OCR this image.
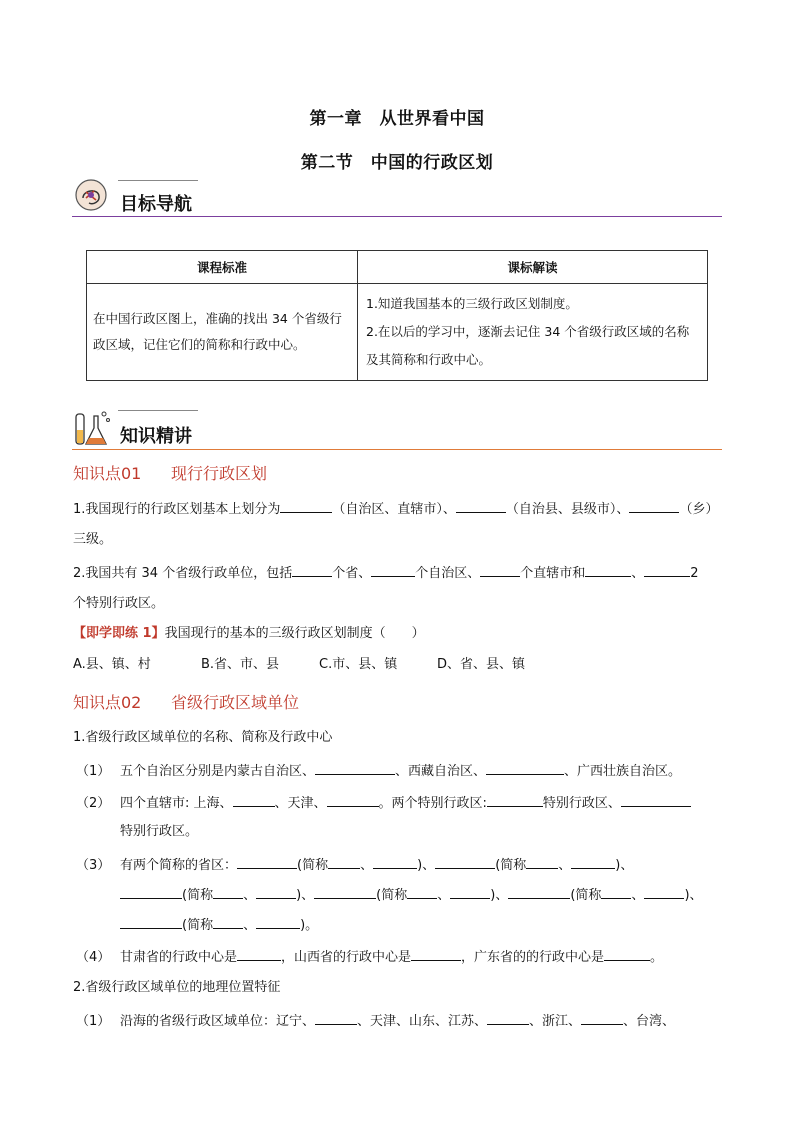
第一章　从世界看中国
第二节　中国的行政区划
目标导航
课程标准	课标解读
在中国行政区图上，准确的找出 34 个省级行政区域，记住它们的简称和行政中心。	1.知道我国基本的三级行政区划制度。
2.在以后的学习中，逐渐去记住 34 个省级行政区域的名称及其简称和行政中心。
知识精讲
知识点01 现行行政区划
1.我国现行的行政区划基本上划分为	（自治区、直辖市）、	（自治县、县级市）、	（乡）
三级。
2.我国共有 34 个省级行政单位，包括	个省、	个自治区、	个直辖市和	、	2
个特别行政区。
【即学即练 1】我国现行的基本的三级行政区划制度（　　）
A.县、镇、村	B.省、市、县	C.市、县、镇	D、省、县、镇
知识点02 省级行政区域单位
1.省级行政区域单位的名称、简称及行政中心
（1） 五个自治区分别是内蒙古自治区、	、西藏自治区、	、广西壮族自治区。
（2） 四个直辖市: 上海、	、天津、	。两个特别行政区:	特别行政区、
特别行政区。
（3） 有两个简称的省区：	(简称 、	)、	(简称 、	)、
(简称 、	)、	(简称 、	)、	(简称 、	)、
(简称 、	)。
（4） 甘肃省的行政中心是	，山西省的行政中心是	，广东省的的行政中心是	。
2.省级行政区域单位的地理位置特征
（1） 沿海的省级行政区域单位：辽宁、	、天津、山东、江苏、	、浙江、	、台湾、
